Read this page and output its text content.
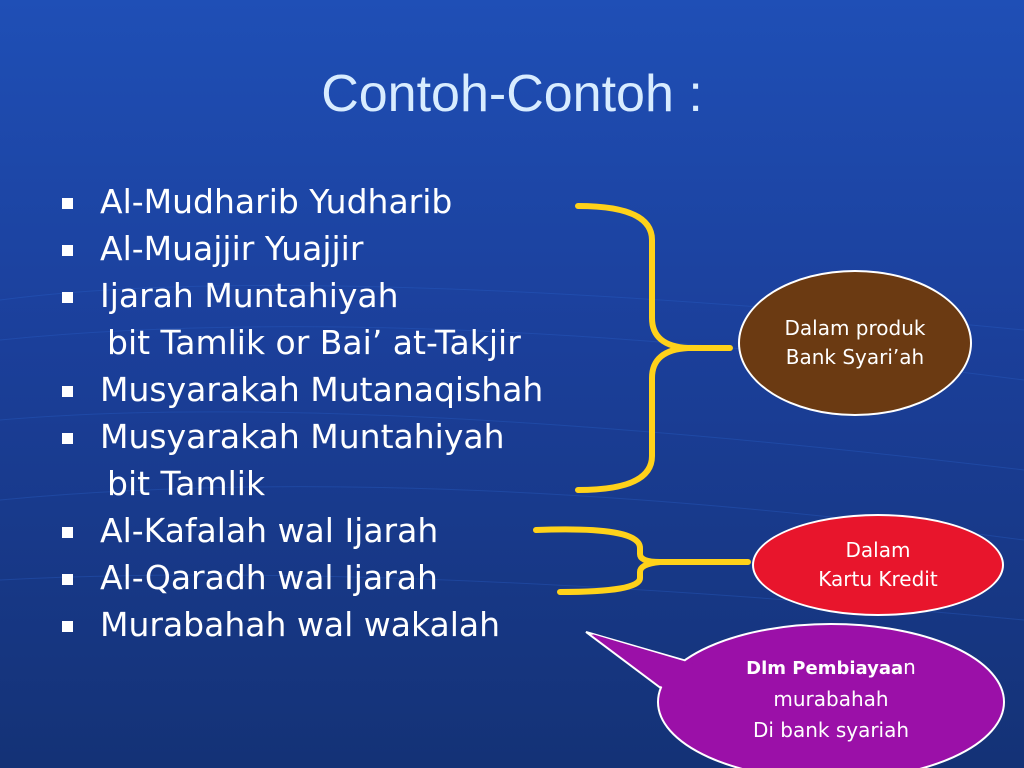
Contoh-Contoh :
Al-Mudharib Yudharib
Al-Muajjir Yuajjir
Ijarah Muntahiyah
bit Tamlik or Bai’ at-Takjir
Musyarakah Mutanaqishah
Musyarakah Muntahiyah
bit Tamlik
Al-Kafalah wal Ijarah
Al-Qaradh wal Ijarah
Murabahah wal wakalah
Dalam produk
Bank Syari’ah
Dalam
Kartu Kredit
Dlm Pembiayaan
murabahah
Di bank syariah
